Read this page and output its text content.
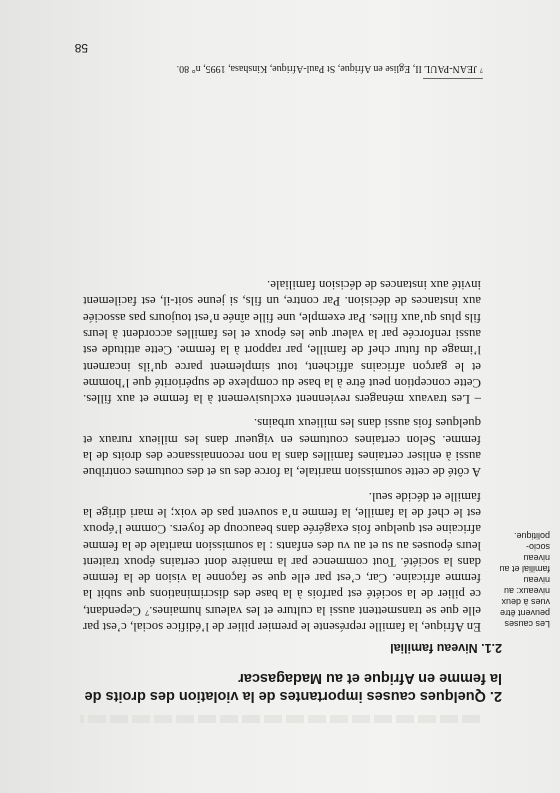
2. Quelques causes importantes de la violation des droits de la femme en Afrique et au Madagascar
2.1. Niveau familial

Les causes peuvent être vues à deux niveaux: au niveau familial et au niveau socio-politique.

En Afrique, la famille représente le premier pilier de l’édifice social, c’est par elle que se transmettent aussi la culture et les valeurs humaines.⁷ Cependant, ce pilier de la société est parfois à la base des discriminations que subit la femme africaine. Car, c’est par elle que se façonne la vision de la femme dans la société. Tout commence par la manière dont certains époux traitent leurs épouses au su et au vu des enfants : la soumission maritale de la femme africaine est quelque fois exagérée dans beaucoup de foyers. Comme l’époux est le chef de la famille, la femme n’a souvent pas de voix; le mari dirige la famille et décide seul.

A côté de cette soumission maritale, la force des us et des coutumes contribue aussi à enliser certaines familles dans la non reconnaissance des droits de la femme. Selon certaines coutumes en vigueur dans les milieux ruraux et quelques fois aussi dans les milieux urbains.

– Les travaux ménagers reviennent exclusivement à la femme et aux filles. Cette conception peut être à la base du complexe de supériorité que l’homme et le garçon africains affichent, tout simplement parce qu’ils incarnent l’image du futur chef de famille, par rapport à la femme. Cette attitude est aussi renforcée par la valeur que les époux et les familles accordent à leurs fils plus qu’aux filles. Par exemple, une fille aînée n’est toujours pas associée aux instances de décision. Par contre, un fils, si jeune soit-il, est facilement invité aux instances de décision familiale.

⁷ JEAN-PAUL II, Eglise en Afrique, St Paul-Afrique, Kinshasa, 1995, n° 80.

58
